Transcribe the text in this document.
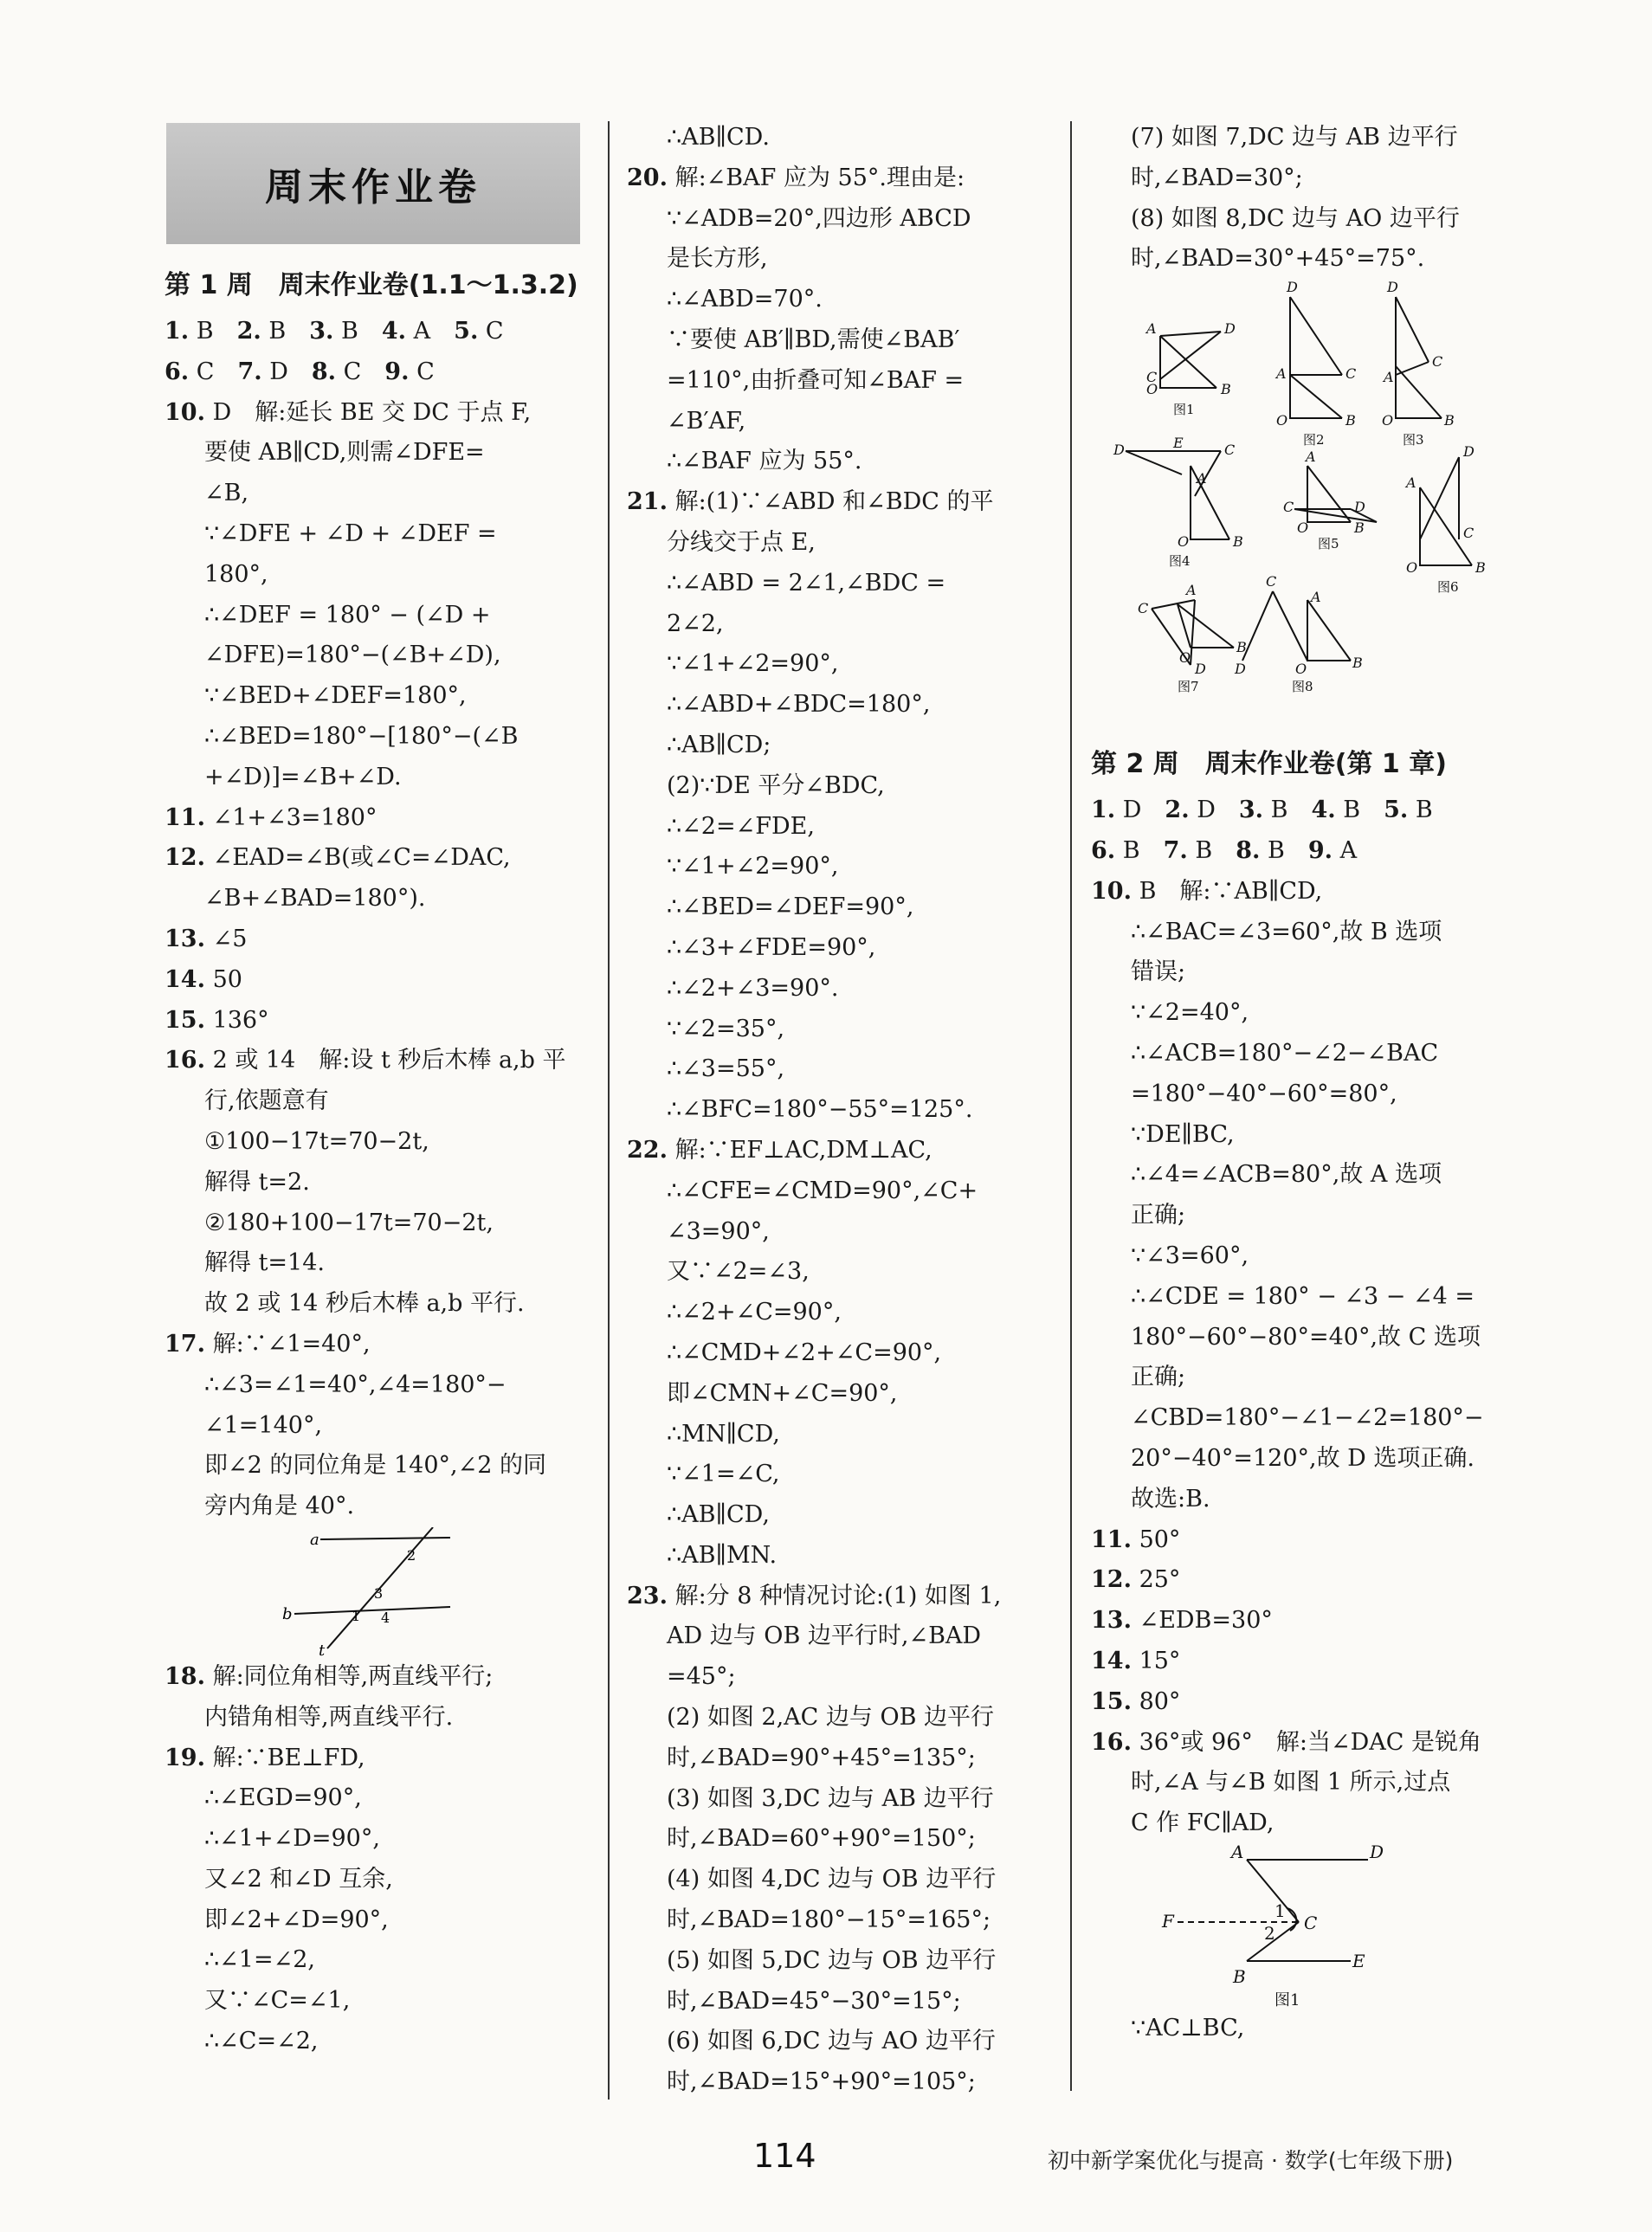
周末作业卷
第 1 周　周末作业卷(1.1～1.3.2)
1. B　2. B　3. B　4. A　5. C
6. C　7. D　8. C　9. C
10. D　解:延长 BE 交 DC 于点 F,
要使 AB∥CD,则需∠DFE=
∠B,
∵∠DFE + ∠D + ∠DEF =
180°,
∴∠DEF = 180° − (∠D +
∠DFE)=180°−(∠B+∠D),
∵∠BED+∠DEF=180°,
∴∠BED=180°−[180°−(∠B
+∠D)]=∠B+∠D.
11. ∠1+∠3=180°
12. ∠EAD=∠B(或∠C=∠DAC,
∠B+∠BAD=180°).
13. ∠5
14. 50
15. 136°
16. 2 或 14　解:设 t 秒后木棒 a,b 平
行,依题意有
①100−17t=70−2t,
解得 t=2.
②180+100−17t=70−2t,
解得 t=14.
故 2 或 14 秒后木棒 a,b 平行.
17. 解:∵∠1=40°,
∴∠3=∠1=40°,∠4=180°−
∠1=140°,
即∠2 的同位角是 140°,∠2 的同
旁内角是 40°.
a
b
t
2
3
1 4
18. 解:同位角相等,两直线平行;
内错角相等,两直线平行.
19. 解:∵BE⊥FD,
∴∠EGD=90°,
∴∠1+∠D=90°,
又∠2 和∠D 互余,
即∠2+∠D=90°,
∴∠1=∠2,
又∵∠C=∠1,
∴∠C=∠2,
∴AB∥CD.
20. 解:∠BAF 应为 55°.理由是:
∵∠ADB=20°,四边形 ABCD
是长方形,
∴∠ABD=70°.
∵要使 AB′∥BD,需使∠BAB′
=110°,由折叠可知∠BAF =
∠B′AF,
∴∠BAF 应为 55°.
21. 解:(1)∵∠ABD 和∠BDC 的平
分线交于点 E,
∴∠ABD = 2∠1,∠BDC =
2∠2,
∵∠1+∠2=90°,
∴∠ABD+∠BDC=180°,
∴AB∥CD;
(2)∵DE 平分∠BDC,
∴∠2=∠FDE,
∵∠1+∠2=90°,
∴∠BED=∠DEF=90°,
∴∠3+∠FDE=90°,
∴∠2+∠3=90°.
∵∠2=35°,
∴∠3=55°,
∴∠BFC=180°−55°=125°.
22. 解:∵EF⊥AC,DM⊥AC,
∴∠CFE=∠CMD=90°,∠C+
∠3=90°,
又∵∠2=∠3,
∴∠2+∠C=90°,
∴∠CMD+∠2+∠C=90°,
即∠CMN+∠C=90°,
∴MN∥CD,
∵∠1=∠C,
∴AB∥CD,
∴AB∥MN.
23. 解:分 8 种情况讨论:(1) 如图 1,
AD 边与 OB 边平行时,∠BAD
=45°;
(2) 如图 2,AC 边与 OB 边平行
时,∠BAD=90°+45°=135°;
(3) 如图 3,DC 边与 AB 边平行
时,∠BAD=60°+90°=150°;
(4) 如图 4,DC 边与 OB 边平行
时,∠BAD=180°−15°=165°;
(5) 如图 5,DC 边与 OB 边平行
时,∠BAD=45°−30°=15°;
(6) 如图 6,DC 边与 AO 边平行
时,∠BAD=15°+90°=105°;
(7) 如图 7,DC 边与 AB 边平行
时,∠BAD=30°;
(8) 如图 8,DC 边与 AO 边平行
时,∠BAD=30°+45°=75°.
A	D
C
O	B
图1
D
A	C
O	B
图2
D
C
A
O	B
图3
D	E	C
A
O	B
图4
A
C	D
O	B
图5
D
A
C
O	B
图6
A
C
B
O
D
图7
C
A
D	O	B
图8
第 2 周　周末作业卷(第 1 章)
1. D　2. D　3. B　4. B　5. B
6. B　7. B　8. B　9. A
10. B　解:∵AB∥CD,
∴∠BAC=∠3=60°,故 B 选项
错误;
∵∠2=40°,
∴∠ACB=180°−∠2−∠BAC
=180°−40°−60°=80°,
∵DE∥BC,
∴∠4=∠ACB=80°,故 A 选项
正确;
∵∠3=60°,
∴∠CDE = 180° − ∠3 − ∠4 =
180°−60°−80°=40°,故 C 选项
正确;
∠CBD=180°−∠1−∠2=180°−
20°−40°=120°,故 D 选项正确.
故选:B.
11. 50°
12. 25°
13. ∠EDB=30°
14. 15°
15. 80°
16. 36°或 96°　解:当∠DAC 是锐角
时,∠A 与∠B 如图 1 所示,过点
C 作 FC∥AD,
A	D
F	C
1
2
B
E
图1
∵AC⊥BC,
114	初中新学案优化与提高 · 数学(七年级下册)
